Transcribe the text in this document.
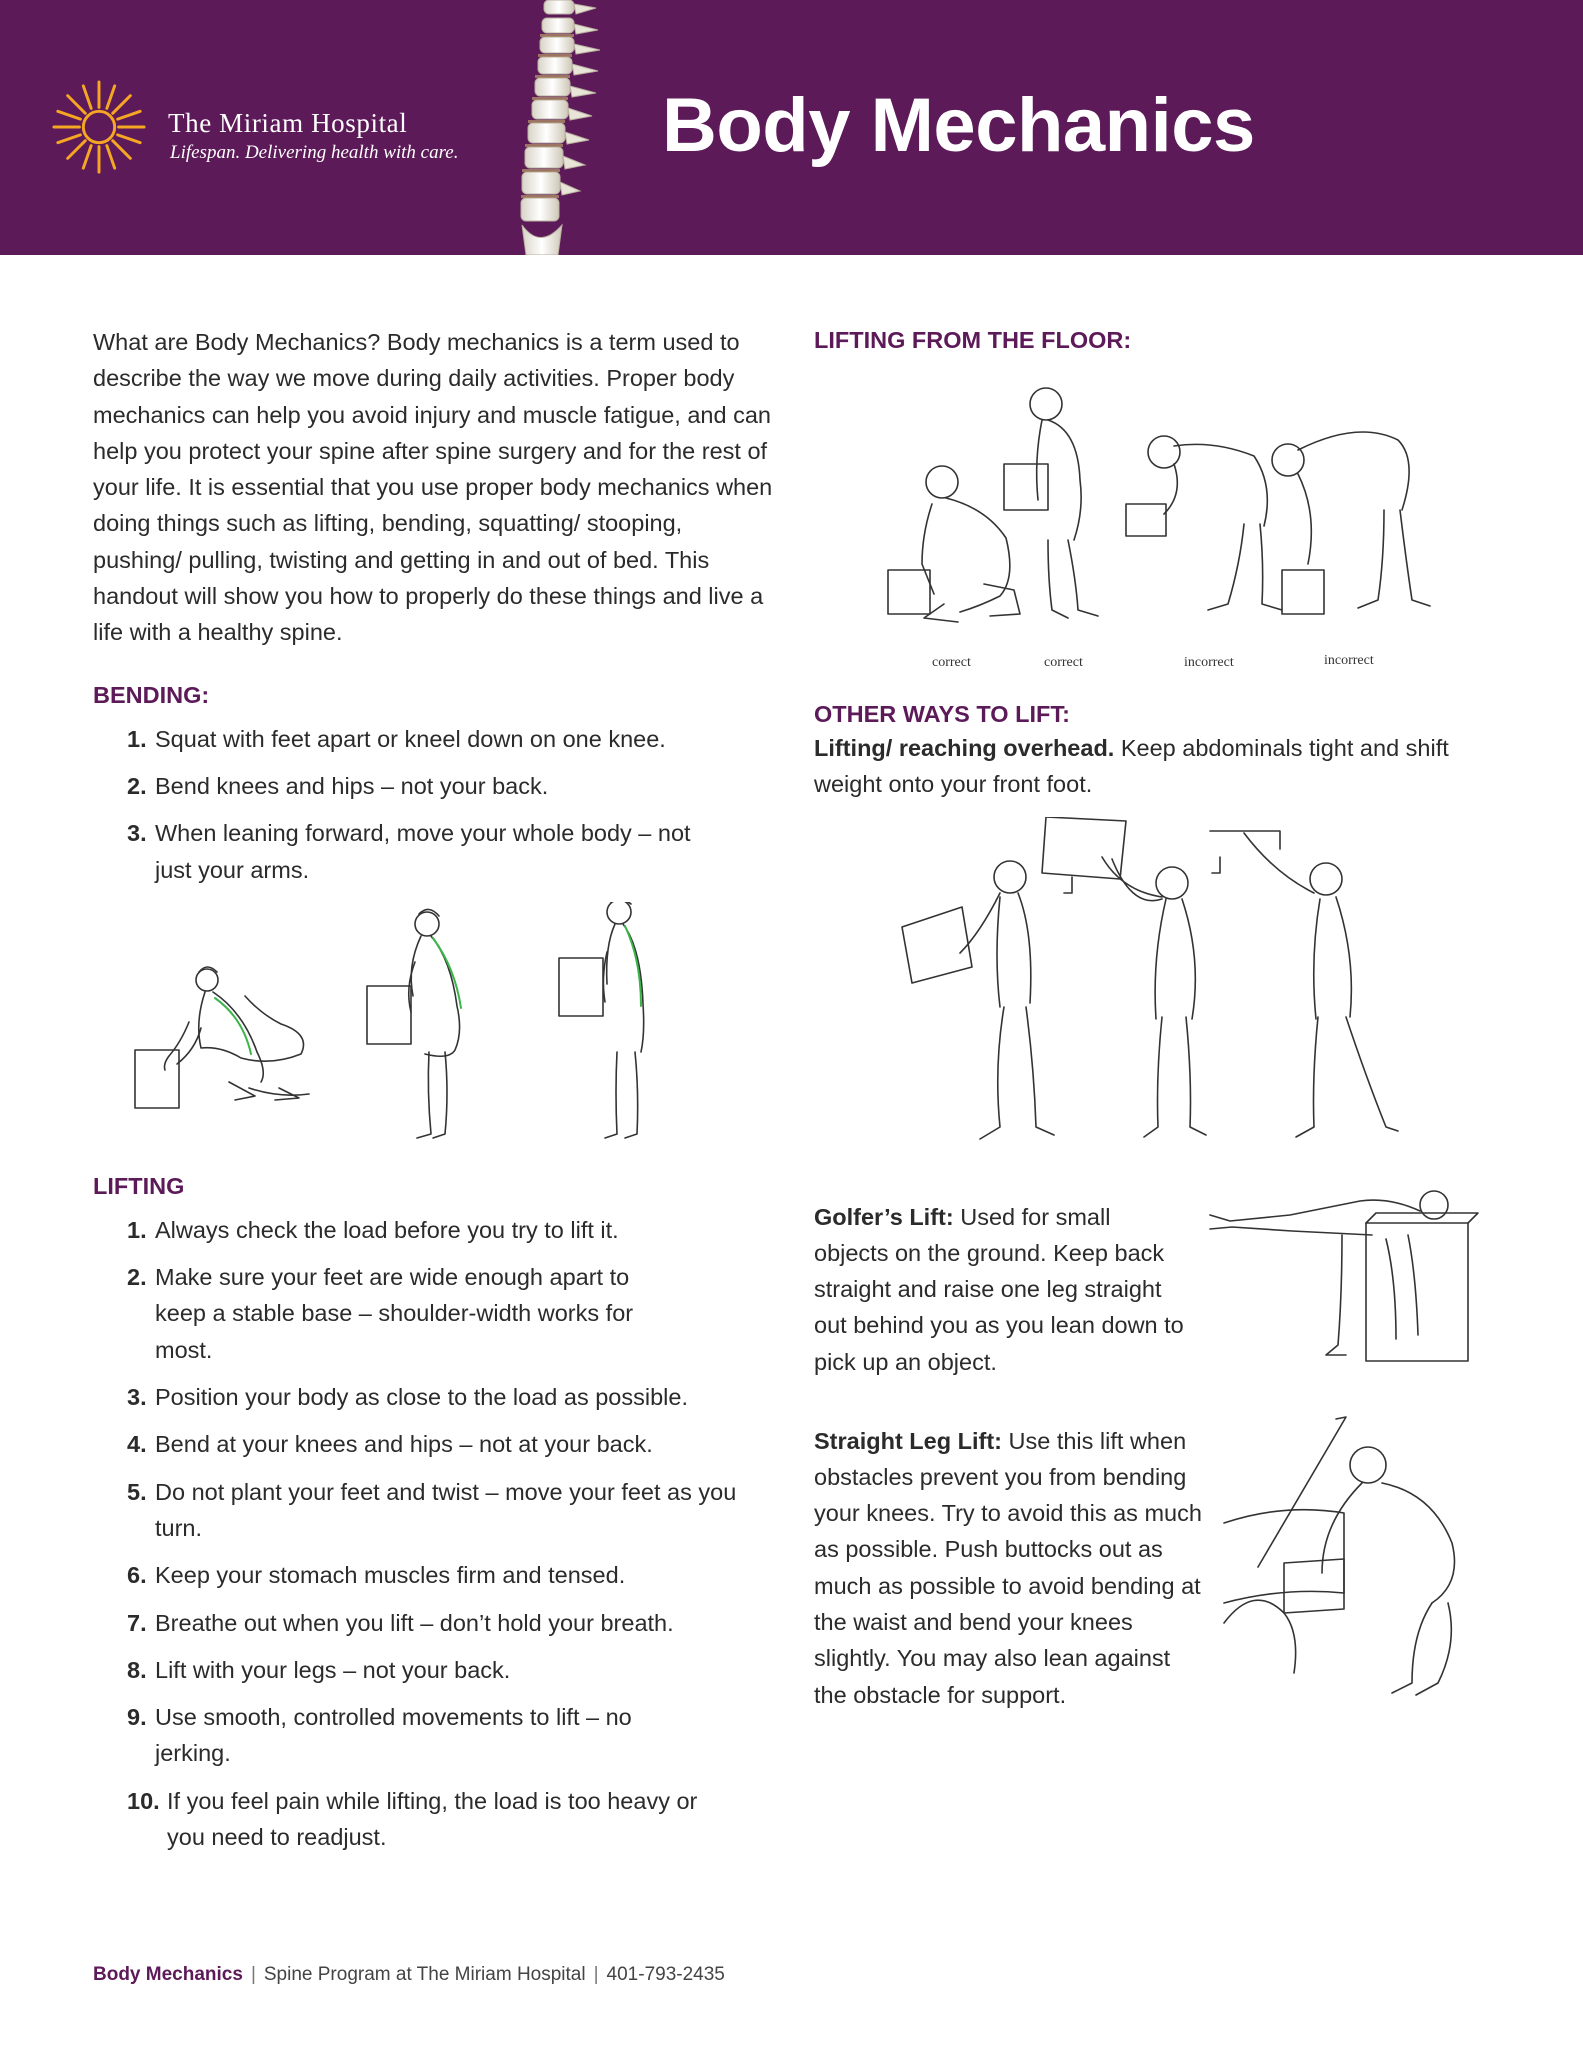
The Miriam Hospital
Lifespan. Delivering health with care.	Body Mechanics

What are Body Mechanics? Body mechanics is a term used to describe the way we move during daily activities. Proper body mechanics can help you avoid injury and muscle fatigue, and can help you protect your spine after spine surgery and for the rest of your life. It is essential that you use proper body mechanics when doing things such as lifting, bending, squatting/ stooping, pushing/ pulling, twisting and getting in and out of bed. This handout will show you how to properly do these things and live a life with a healthy spine.

BENDING:
1. Squat with feet apart or kneel down on one knee.
2. Bend knees and hips – not your back.
3. When leaning forward, move your whole body – not just your arms.
LIFTING
1. Always check the load before you try to lift it.
2. Make sure your feet are wide enough apart to keep a stable base – shoulder-width works for most.
3. Position your body as close to the load as possible.
4. Bend at your knees and hips – not at your back.
5. Do not plant your feet and twist – move your feet as you turn.
6. Keep your stomach muscles firm and tensed.
7. Breathe out when you lift – don’t hold your breath.
8. Lift with your legs – not your back.
9. Use smooth, controlled movements to lift – no jerking.
10. If you feel pain while lifting, the load is too heavy or you need to readjust.
LIFTING FROM THE FLOOR:
correct	correct	incorrect	incorrect
OTHER WAYS TO LIFT:

Lifting/ reaching overhead. Keep abdominals tight and shift weight onto your front foot.

Golfer’s Lift: Used for small objects on the ground. Keep back straight and raise one leg straight out behind you as you lean down to pick up an object.

Straight Leg Lift: Use this lift when obstacles prevent you from bending your knees. Try to avoid this as much as possible. Push buttocks out as much as possible to avoid bending at the waist and bend your knees slightly. You may also lean against the obstacle for support.

Body Mechanics | Spine Program at The Miriam Hospital | 401-793-2435
